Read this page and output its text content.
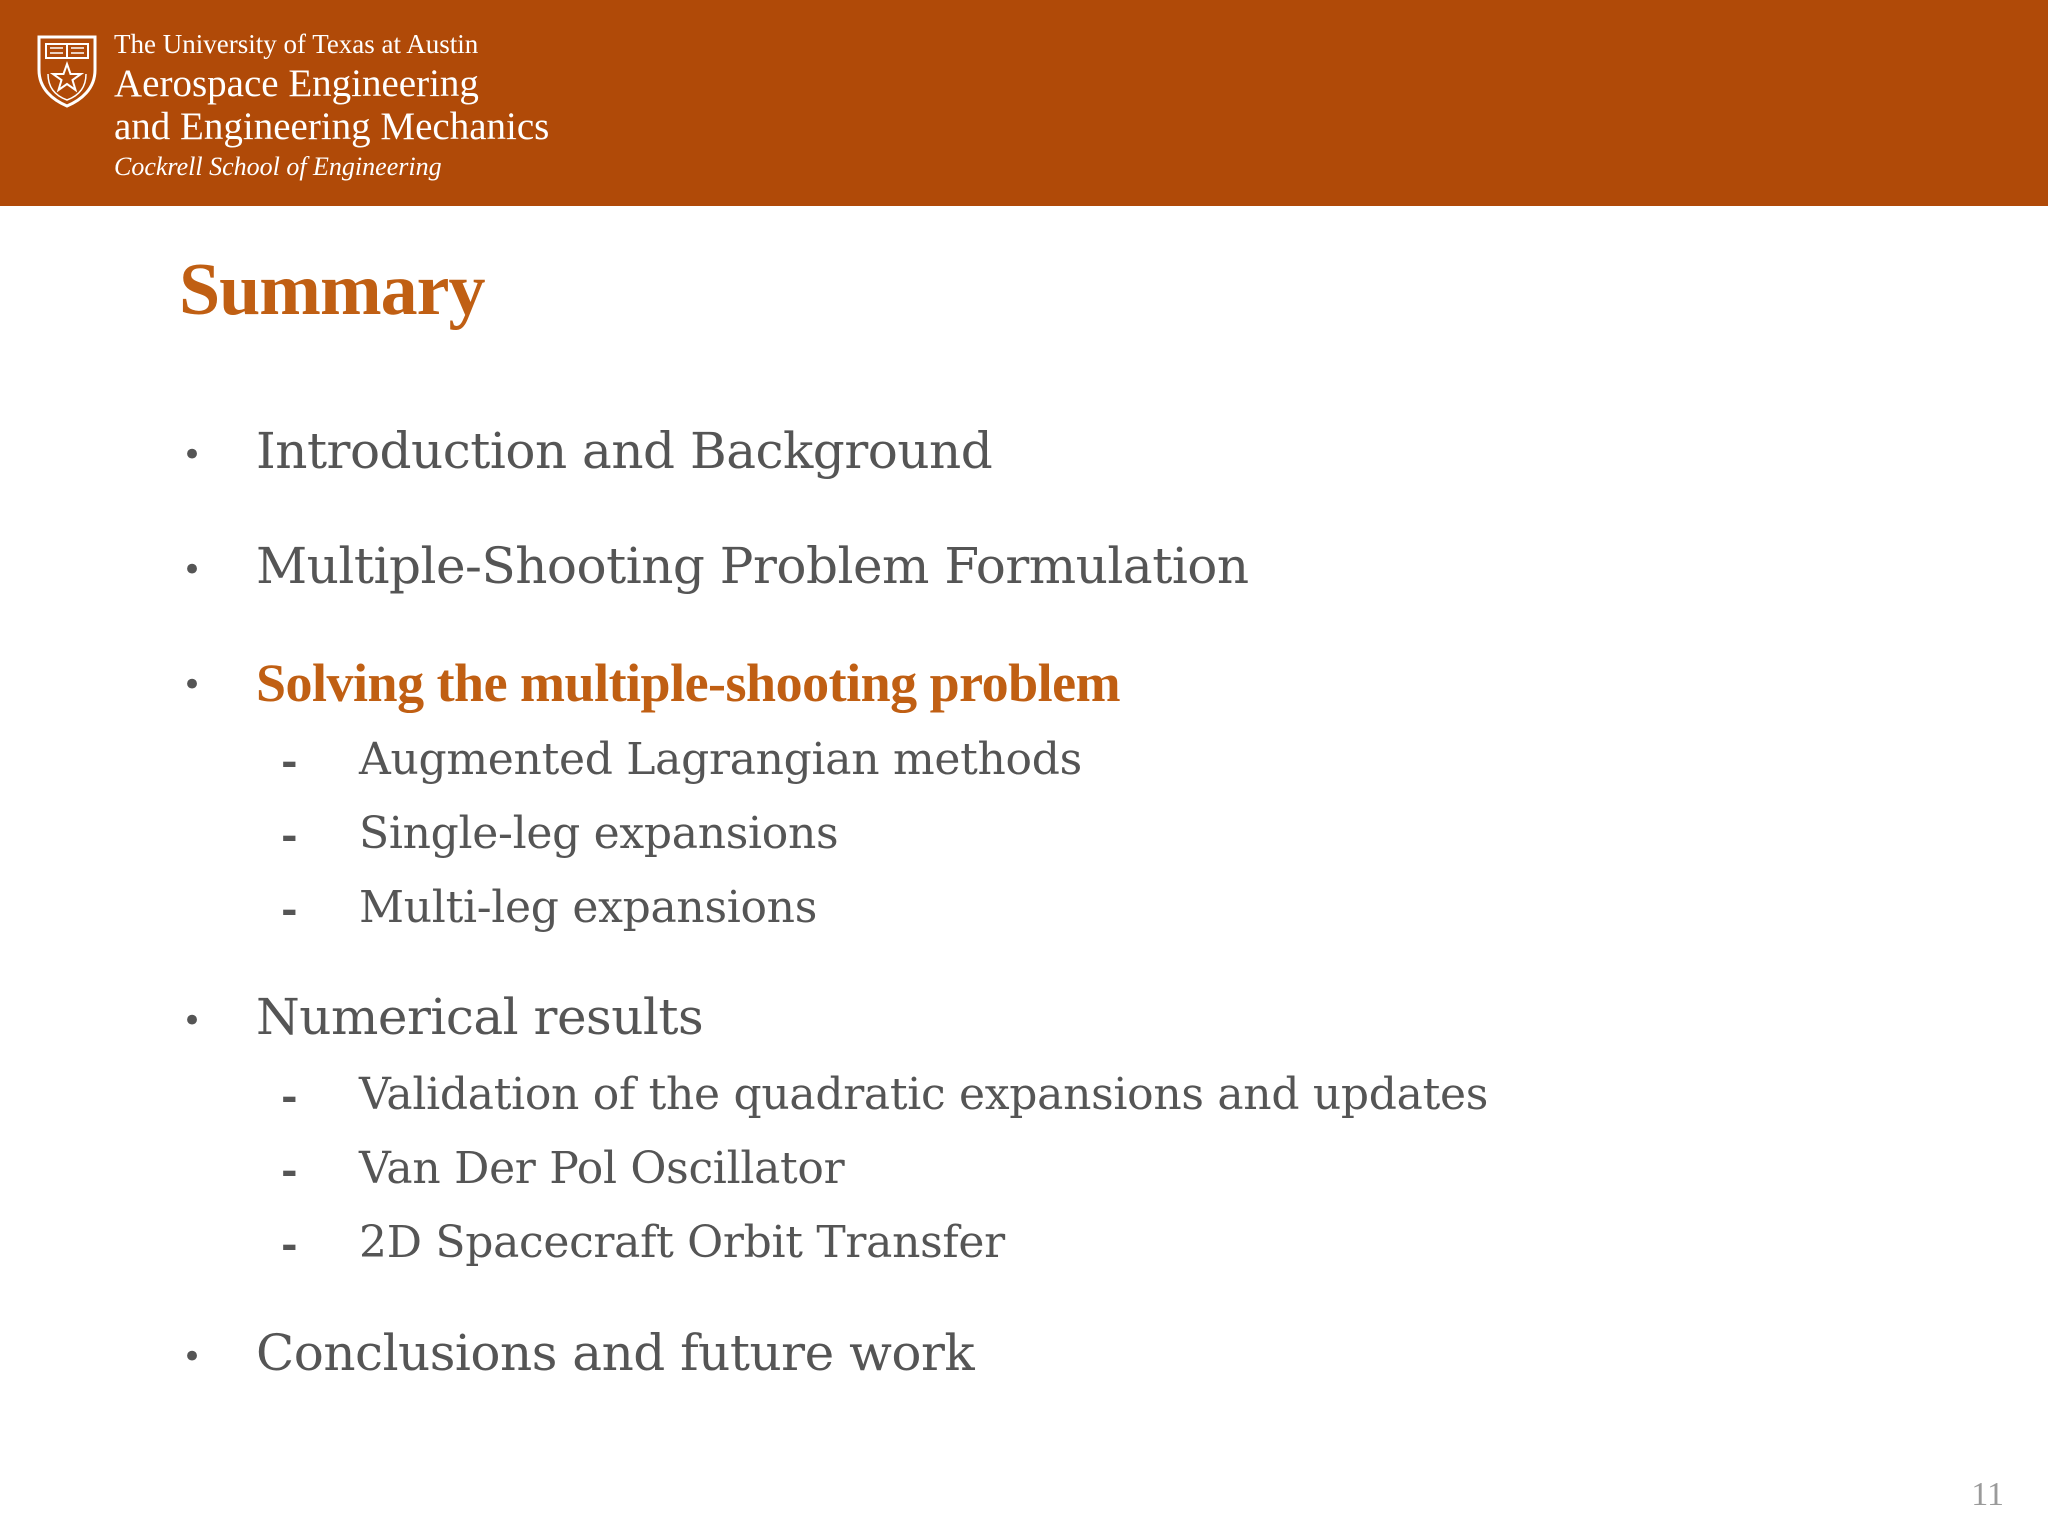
The University of Texas at Austin
Aerospace Engineering
and Engineering Mechanics
Cockrell School of Engineering
Summary
• Introduction and Background
• Multiple-Shooting Problem Formulation
• Solving the multiple-shooting problem
- Augmented Lagrangian methods
- Single-leg expansions
- Multi-leg expansions
• Numerical results
- Validation of the quadratic expansions and updates
- Van Der Pol Oscillator
- 2D Spacecraft Orbit Transfer
• Conclusions and future work
11
